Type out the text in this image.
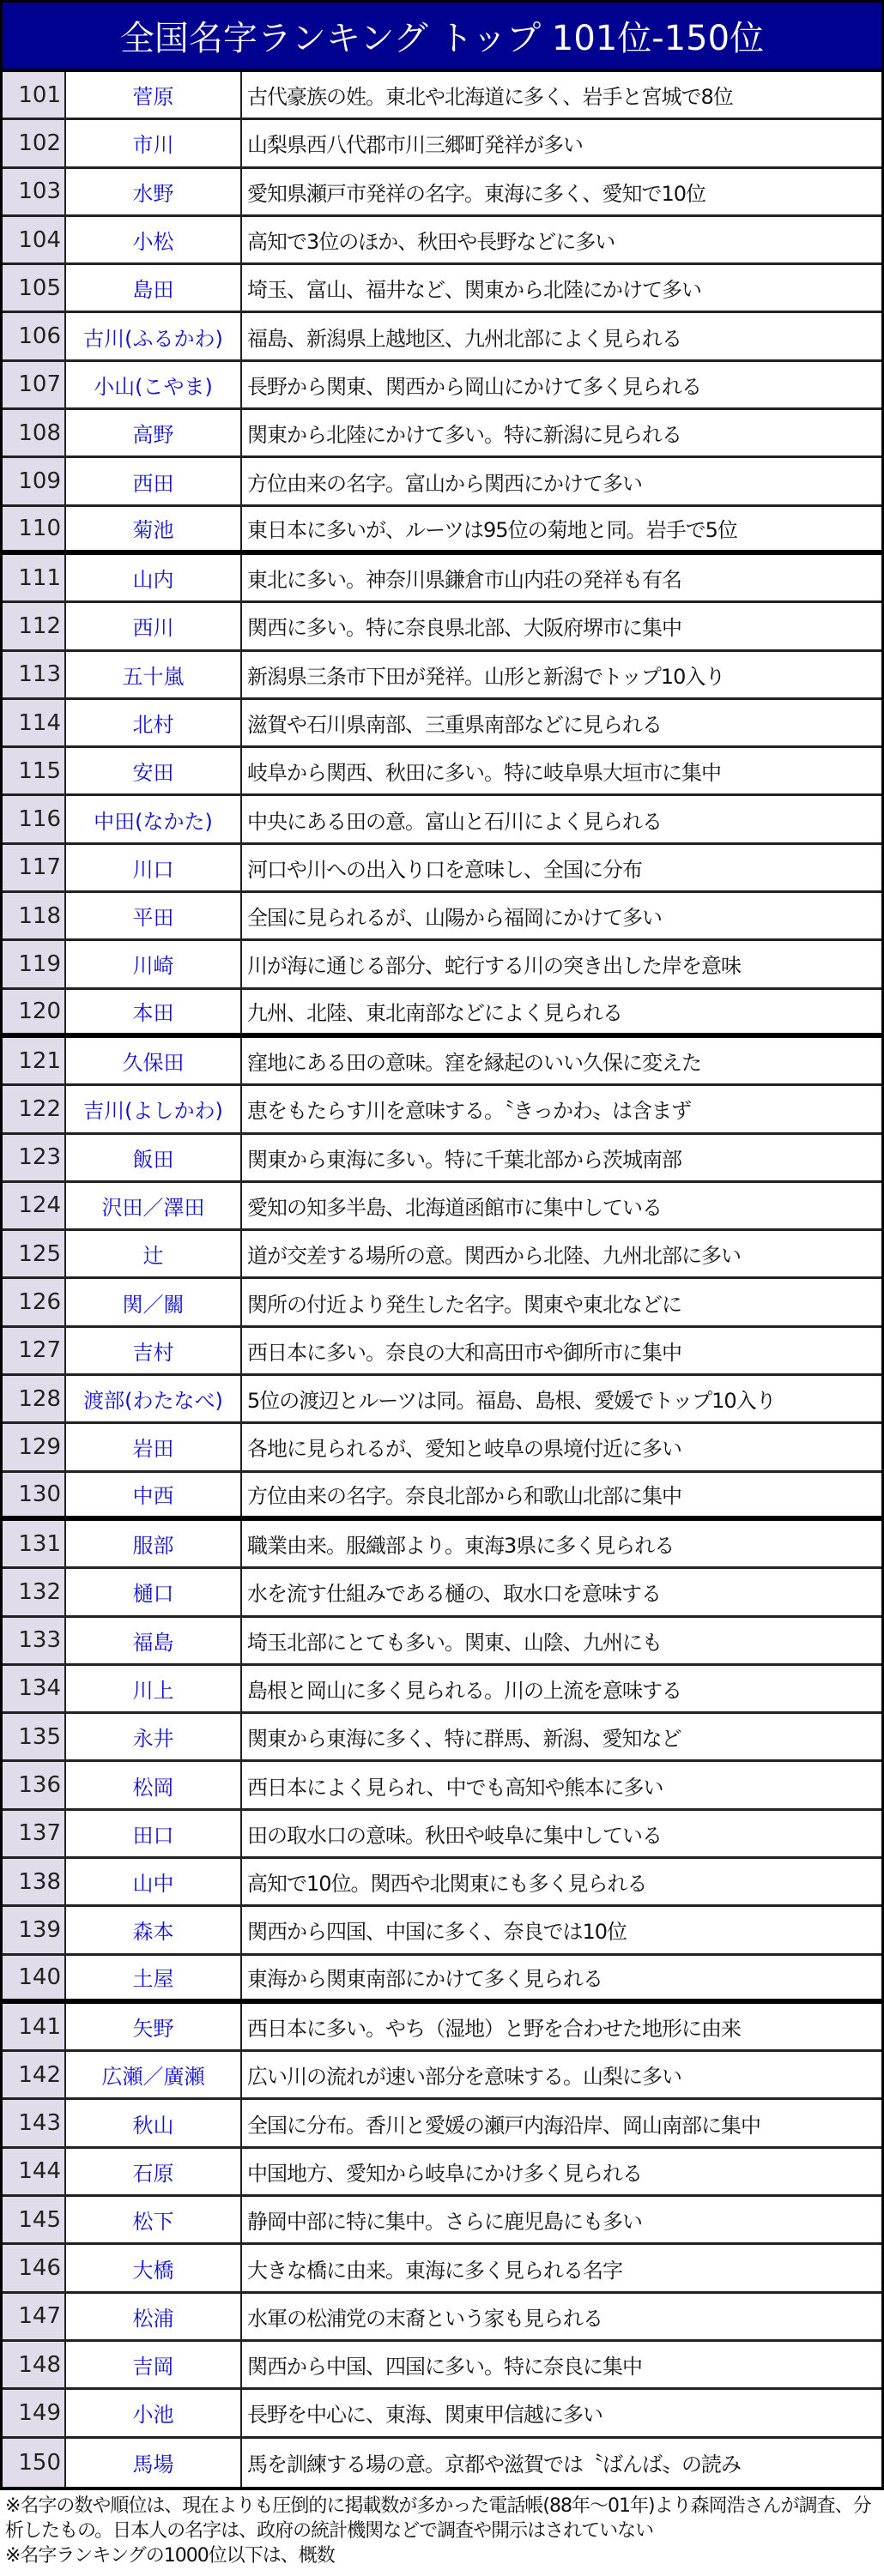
全国名字ランキング トップ 101位-150位
101	菅原	古代豪族の姓。東北や北海道に多く、岩手と宮城で8位
102	市川	山梨県西八代郡市川三郷町発祥が多い
103	水野	愛知県瀬戸市発祥の名字。東海に多く、愛知で10位
104	小松	高知で3位のほか、秋田や長野などに多い
105	島田	埼玉、富山、福井など、関東から北陸にかけて多い
106	古川(ふるかわ)	福島、新潟県上越地区、九州北部によく見られる
107	小山(こやま)	長野から関東、関西から岡山にかけて多く見られる
108	高野	関東から北陸にかけて多い。特に新潟に見られる
109	西田	方位由来の名字。富山から関西にかけて多い
110	菊池	東日本に多いが、ルーツは95位の菊地と同。岩手で5位
111	山内	東北に多い。神奈川県鎌倉市山内荘の発祥も有名
112	西川	関西に多い。特に奈良県北部、大阪府堺市に集中
113	五十嵐	新潟県三条市下田が発祥。山形と新潟でトップ10入り
114	北村	滋賀や石川県南部、三重県南部などに見られる
115	安田	岐阜から関西、秋田に多い。特に岐阜県大垣市に集中
116	中田(なかた)	中央にある田の意。富山と石川によく見られる
117	川口	河口や川への出入り口を意味し、全国に分布
118	平田	全国に見られるが、山陽から福岡にかけて多い
119	川崎	川が海に通じる部分、蛇行する川の突き出した岸を意味
120	本田	九州、北陸、東北南部などによく見られる
121	久保田	窪地にある田の意味。窪を縁起のいい久保に変えた
122	吉川(よしかわ)	恵をもたらす川を意味する。〝きっかわ〟は含まず
123	飯田	関東から東海に多い。特に千葉北部から茨城南部
124	沢田／澤田	愛知の知多半島、北海道函館市に集中している
125	辻	道が交差する場所の意。関西から北陸、九州北部に多い
126	関／關	関所の付近より発生した名字。関東や東北などに
127	吉村	西日本に多い。奈良の大和高田市や御所市に集中
128	渡部(わたなべ)	5位の渡辺とルーツは同。福島、島根、愛媛でトップ10入り
129	岩田	各地に見られるが、愛知と岐阜の県境付近に多い
130	中西	方位由来の名字。奈良北部から和歌山北部に集中
131	服部	職業由来。服織部より。東海3県に多く見られる
132	樋口	水を流す仕組みである樋の、取水口を意味する
133	福島	埼玉北部にとても多い。関東、山陰、九州にも
134	川上	島根と岡山に多く見られる。川の上流を意味する
135	永井	関東から東海に多く、特に群馬、新潟、愛知など
136	松岡	西日本によく見られ、中でも高知や熊本に多い
137	田口	田の取水口の意味。秋田や岐阜に集中している
138	山中	高知で10位。関西や北関東にも多く見られる
139	森本	関西から四国、中国に多く、奈良では10位
140	土屋	東海から関東南部にかけて多く見られる
141	矢野	西日本に多い。やち（湿地）と野を合わせた地形に由来
142	広瀬／廣瀬	広い川の流れが速い部分を意味する。山梨に多い
143	秋山	全国に分布。香川と愛媛の瀬戸内海沿岸、岡山南部に集中
144	石原	中国地方、愛知から岐阜にかけ多く見られる
145	松下	静岡中部に特に集中。さらに鹿児島にも多い
146	大橋	大きな橋に由来。東海に多く見られる名字
147	松浦	水軍の松浦党の末裔という家も見られる
148	吉岡	関西から中国、四国に多い。特に奈良に集中
149	小池	長野を中心に、東海、関東甲信越に多い
150	馬場	馬を訓練する場の意。京都や滋賀では〝ばんば〟の読み

※名字の数や順位は、現在よりも圧倒的に掲載数が多かった電話帳(88年～01年)より森岡浩さんが調査、分析したもの。日本人の名字は、政府の統計機関などで調査や開示はされていない

※名字ランキングの1000位以下は、概数
